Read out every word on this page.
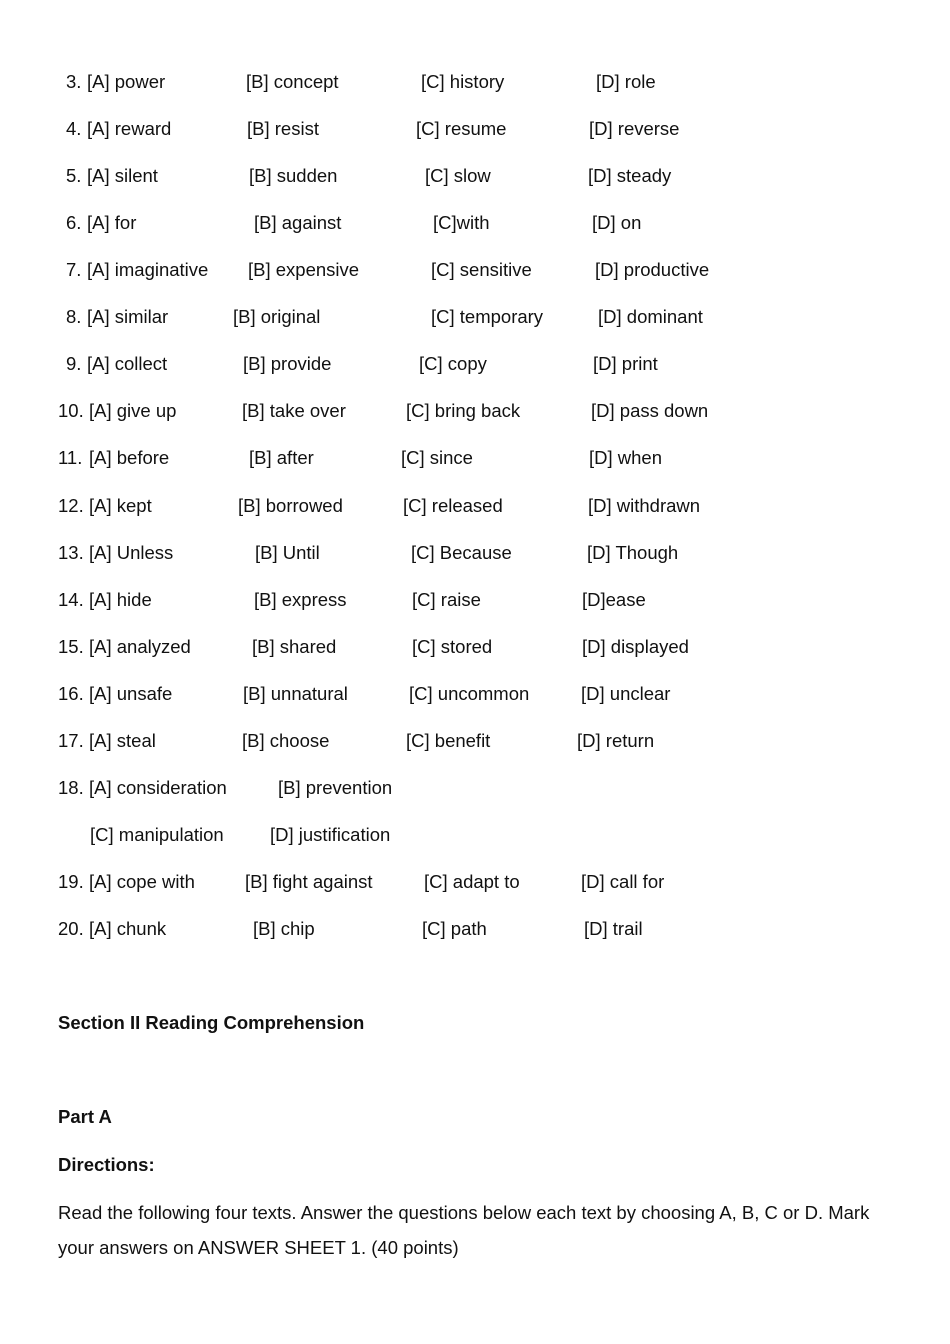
3. [A] power	[B] concept	[C] history	[D] role
4. [A] reward	[B] resist	[C] resume	[D] reverse
5. [A] silent	[B] sudden	[C] slow	[D] steady
6. [A] for	[B] against	[C]with	[D] on
7. [A] imaginative [B] expensive	[C] sensitive	[D] productive
8. [A] similar	[B] original	[C] temporary	[D] dominant
9. [A] collect	[B] provide	[C] copy	[D] print
10. [A] give up	[B] take over	[C] bring back	[D] pass down
11. [A] before	[B] after	[C] since	[D] when
12. [A] kept	[B] borrowed	[C] released	[D] withdrawn
13. [A] Unless	[B] Until	[C] Because	[D] Though
14. [A] hide	[B] express	[C] raise	[D]ease
15. [A] analyzed	[B] shared	[C] stored	[D] displayed
16. [A] unsafe	[B] unnatural	[C] uncommon	[D] unclear
17. [A] steal	[B] choose	[C] benefit	[D] return
18. [A] consideration	[B] prevention
[C] manipulation	[D] justification
19. [A] cope with	[B] fight against	[C] adapt to	[D] call for
20. [A] chunk	[B] chip	[C] path	[D] trail
Section II Reading Comprehension
Part A
Directions:
Read the following four texts. Answer the questions below each text by choosing A, B, C or D. Mark your answers on ANSWER SHEET 1. (40 points)
